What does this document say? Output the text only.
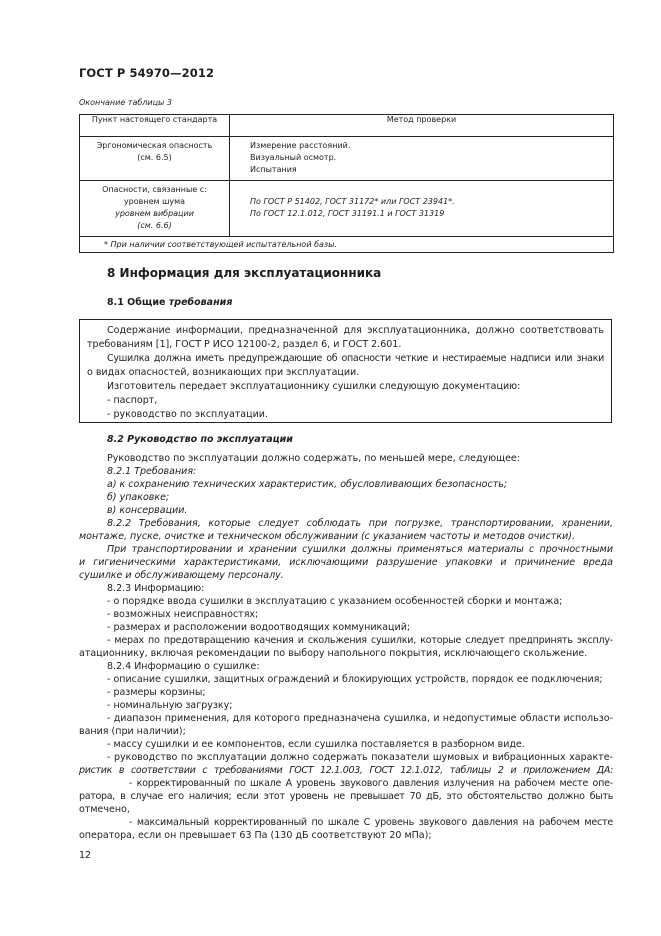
ГОСТ Р 54970—2012
Окончание таблицы 3
Пункт настоящего стандарта	Метод проверки

Эргономическая опасность
(см. 6.5)	Измерение расстояний.
Визуальный осмотр.
Испытания

Опасности, связанные с:
уровнем шума
уровнем вибрации
(см. 6.6)	По ГОСТ Р 51402, ГОСТ 31172* или ГОСТ 23941*.
По ГОСТ 12.1.012, ГОСТ 31191.1 и ГОСТ 31319

* При наличии соответствующей испытательной базы.	
8 Информация для эксплуатационника
8.1 Общие требования
Содержание информации, предназначенной для эксплуатационника, должно соответствовать
требованиям [1], ГОСТ Р ИСО 12100-2, раздел 6, и ГОСТ 2.601.
Сушилка должна иметь предупреждающие об опасности четкие и нестираемые надписи или знаки
о видах опасностей, возникающих при эксплуатации.
Изготовитель передает эксплуатационнику сушилки следующую документацию:
- паспорт,
- руководство по эксплуатации.
8.2 Руководство по эксплуатации
Руководство по эксплуатации должно содержать, по меньшей мере, следующее:
8.2.1 Требования:
а) к сохранению технических характеристик, обусловливающих безопасность;
б) упаковке;
в) консервации.
8.2.2 Требования, которые следует соблюдать при погрузке, транспортировании, хранении,
монтаже, пуске, очистке и техническом обслуживании (с указанием частоты и методов очистки).
При транспортировании и хранении сушилки должны применяться материалы с прочностными
и гигиеническими характеристиками, исключающими разрушение упаковки и причинение вреда
сушилке и обслуживающему персоналу.
8.2.3 Информацию:
- о порядке ввода сушилки в эксплуатацию с указанием особенностей сборки и монтажа;
- возможных неисправностях;
- размерах и расположении водоотводящих коммуникаций;
- мерах по предотвращению качения и скольжения сушилки, которые следует предпринять эксплу-
атационнику, включая рекомендации по выбору напольного покрытия, исключающего скольжение.
8.2.4 Информацию о сушилке:
- описание сушилки, защитных ограждений и блокирующих устройств, порядок ее подключения;
- размеры корзины;
- номинальную загрузку;
- диапазон применения, для которого предназначена сушилка, и недопустимые области использо-
вания (при наличии);
- массу сушилки и ее компонентов, если сушилка поставляется в разборном виде.
- руководство по эксплуатации должно содержать показатели шумовых и вибрационных характе-
ристик в соответствии с требованиями ГОСТ 12.1.003, ГОСТ 12.1.012, таблицы 2 и приложением ДА:
- корректированный по шкале А уровень звукового давления излучения на рабочем месте опе-
ратора, в случае его наличия; если этот уровень не превышает 70 дБ, это обстоятельство должно быть
отмечено,
- максимальный корректированный по шкале С уровень звукового давления на рабочем месте
оператора, если он превышает 63 Па (130 дБ соответствуют 20 мПа);
12
